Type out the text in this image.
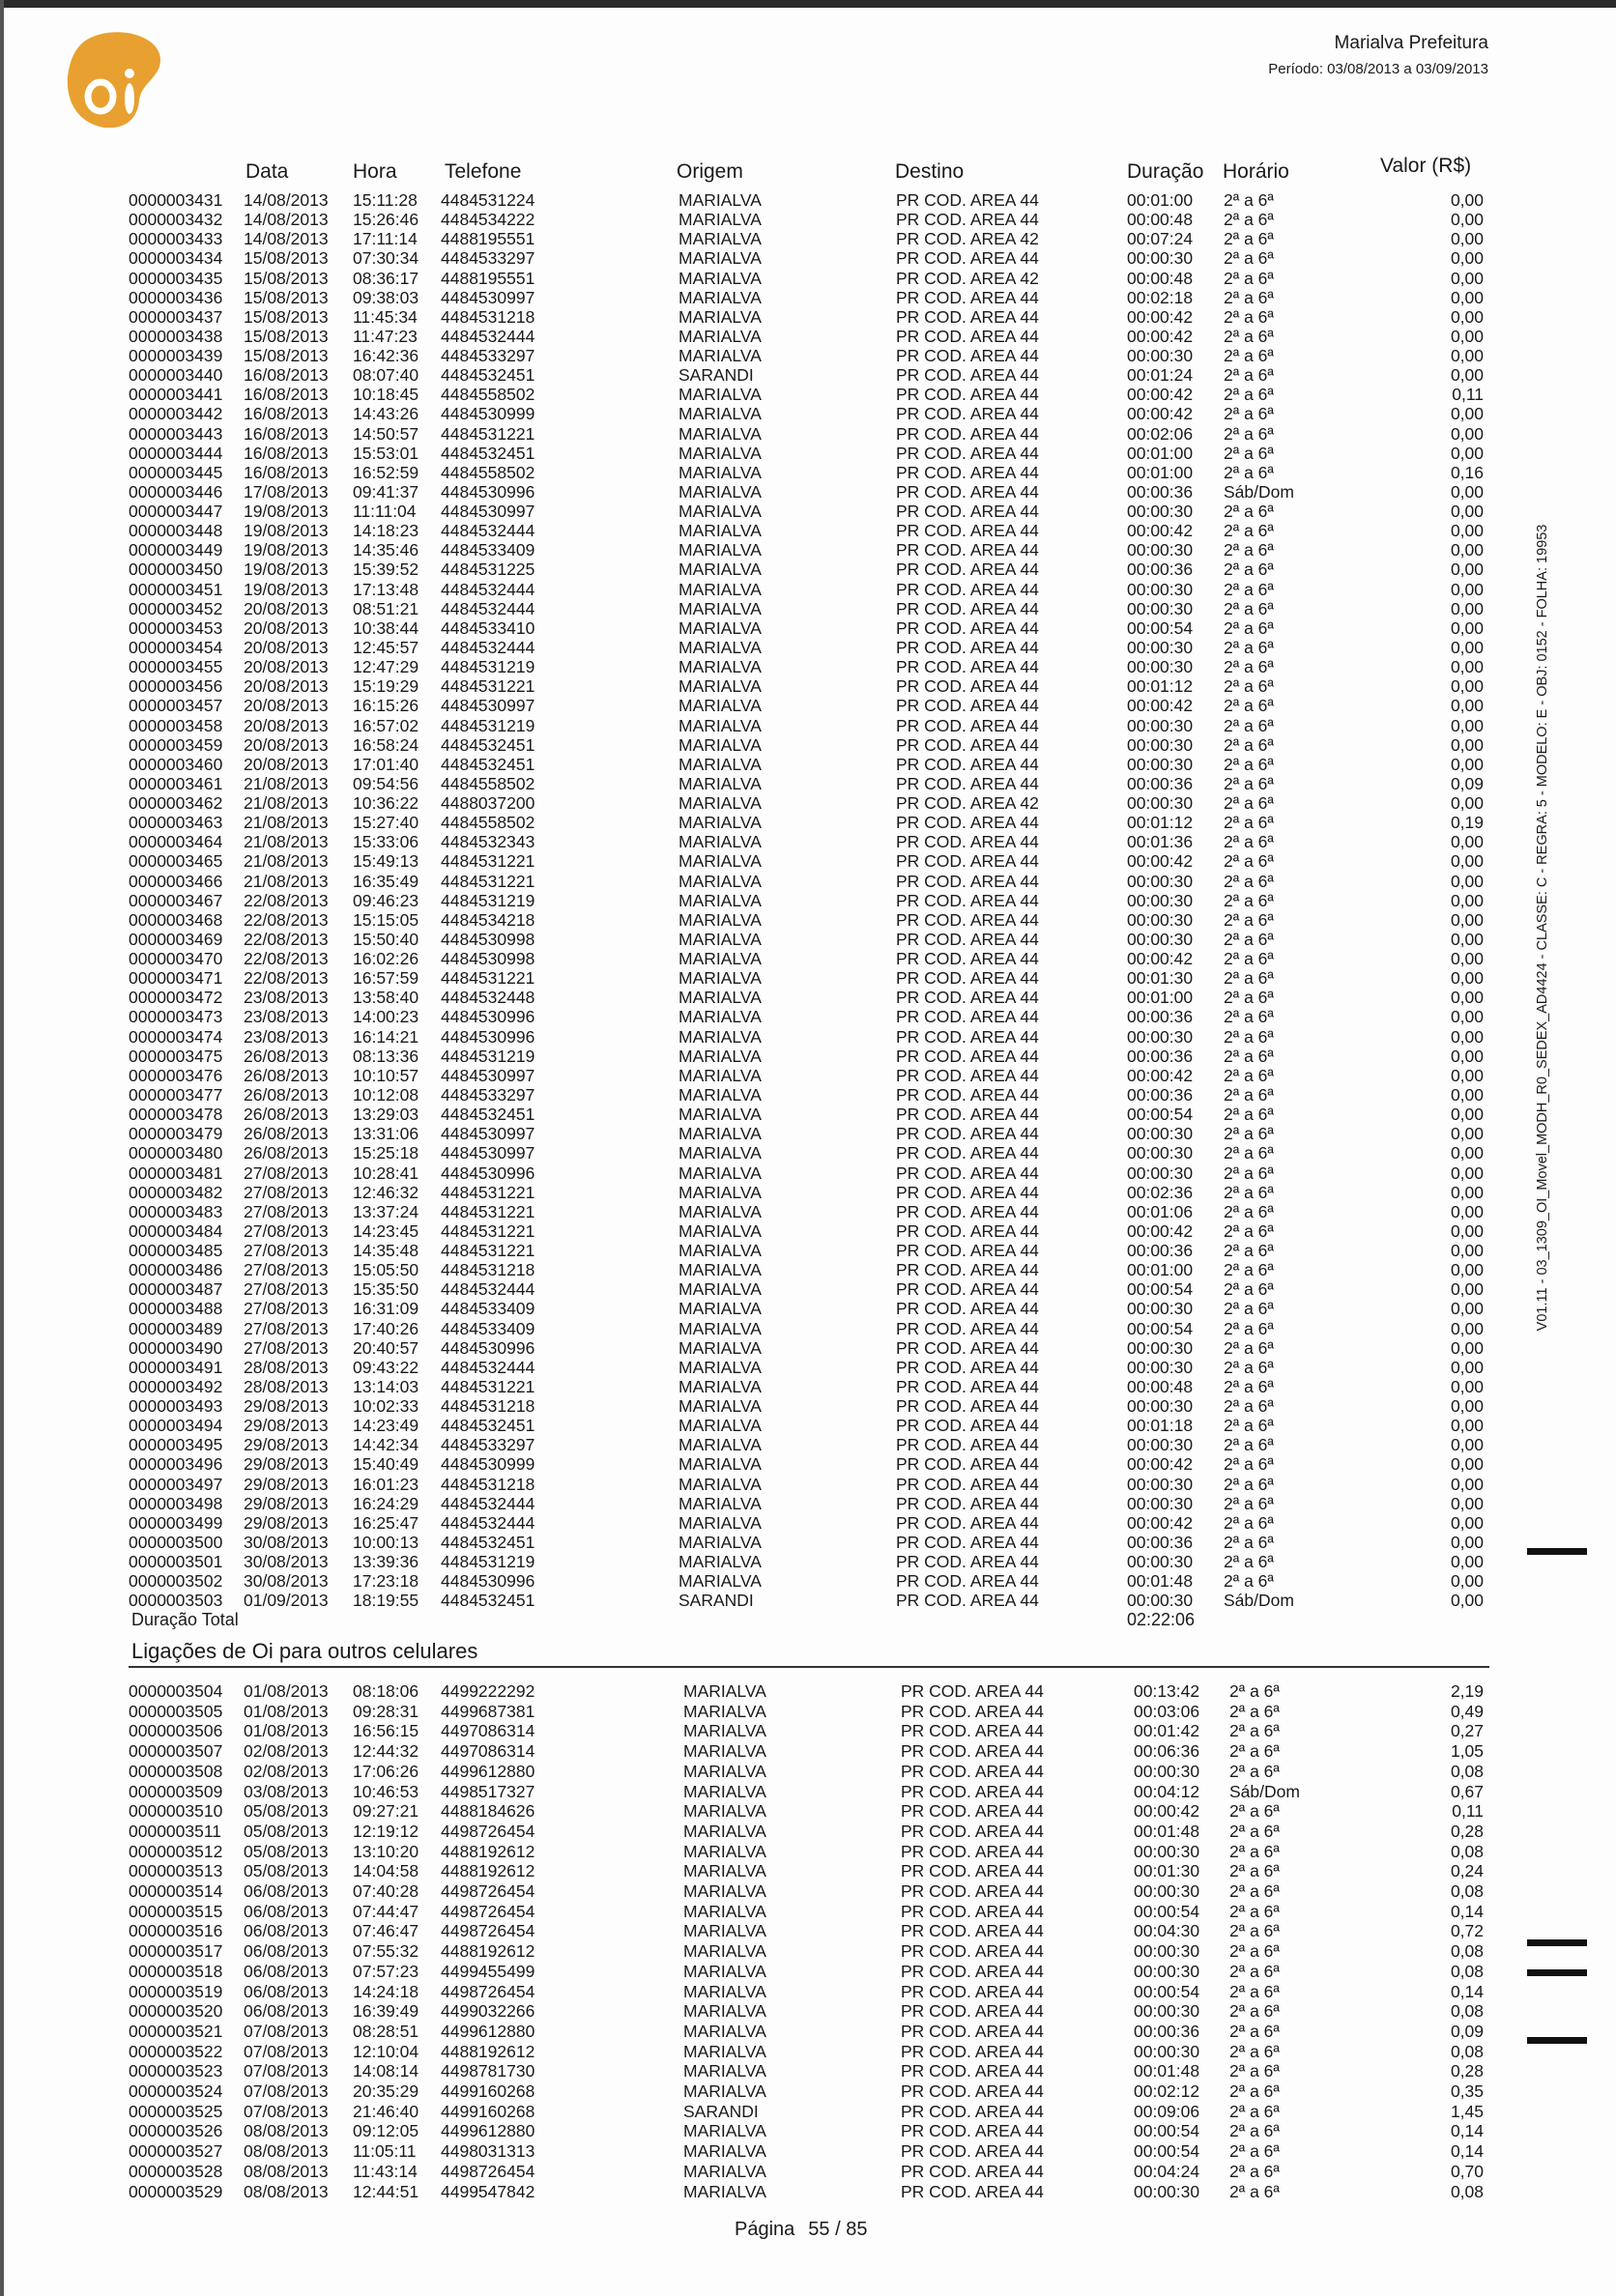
Marialva Prefeitura
Período: 03/08/2013 a 03/09/2013
Data	Hora Telefone	Origem	Destino	Duração Horário	Valor (R$)
0000003431 14/08/2013 15:11:28 4484531224	MARIALVA	PR COD. AREA 44	00:01:00 2ª a 6ª	0,00
0000003432 14/08/2013 15:26:46 4484534222	MARIALVA	PR COD. AREA 44	00:00:48 2ª a 6ª	0,00
0000003433 14/08/2013 17:11:14 4488195551	MARIALVA	PR COD. AREA 42	00:07:24 2ª a 6ª	0,00
0000003434 15/08/2013 07:30:34 4484533297	MARIALVA	PR COD. AREA 44	00:00:30 2ª a 6ª	0,00
0000003435 15/08/2013 08:36:17 4488195551	MARIALVA	PR COD. AREA 42	00:00:48 2ª a 6ª	0,00
0000003436 15/08/2013 09:38:03 4484530997	MARIALVA	PR COD. AREA 44	00:02:18 2ª a 6ª	0,00
0000003437 15/08/2013 11:45:34 4484531218	MARIALVA	PR COD. AREA 44	00:00:42 2ª a 6ª	0,00
0000003438 15/08/2013 11:47:23 4484532444	MARIALVA	PR COD. AREA 44	00:00:42 2ª a 6ª	0,00
0000003439 15/08/2013 16:42:36 4484533297	MARIALVA	PR COD. AREA 44	00:00:30 2ª a 6ª	0,00
0000003440 16/08/2013 08:07:40 4484532451	SARANDI	PR COD. AREA 44	00:01:24 2ª a 6ª	0,00
0000003441 16/08/2013 10:18:45 4484558502	MARIALVA	PR COD. AREA 44	00:00:42 2ª a 6ª	0,11
0000003442 16/08/2013 14:43:26 4484530999	MARIALVA	PR COD. AREA 44	00:00:42 2ª a 6ª	0,00
0000003443 16/08/2013 14:50:57 4484531221	MARIALVA	PR COD. AREA 44	00:02:06 2ª a 6ª	0,00
0000003444 16/08/2013 15:53:01 4484532451	MARIALVA	PR COD. AREA 44	00:01:00 2ª a 6ª	0,00
0000003445 16/08/2013 16:52:59 4484558502	MARIALVA	PR COD. AREA 44	00:01:00 2ª a 6ª	0,16
0000003446 17/08/2013 09:41:37 4484530996	MARIALVA	PR COD. AREA 44	00:00:36 Sáb/Dom	0,00
0000003447 19/08/2013 11:11:04 4484530997	MARIALVA	PR COD. AREA 44	00:00:30 2ª a 6ª	0,00
0000003448 19/08/2013 14:18:23 4484532444	MARIALVA	PR COD. AREA 44	00:00:42 2ª a 6ª	0,00
0000003449 19/08/2013 14:35:46 4484533409	MARIALVA	PR COD. AREA 44	00:00:30 2ª a 6ª	0,00
0000003450 19/08/2013 15:39:52 4484531225	MARIALVA	PR COD. AREA 44	00:00:36 2ª a 6ª	0,00
0000003451 19/08/2013 17:13:48 4484532444	MARIALVA	PR COD. AREA 44	00:00:30 2ª a 6ª	0,00
0000003452 20/08/2013 08:51:21 4484532444	MARIALVA	PR COD. AREA 44	00:00:30 2ª a 6ª	0,00
0000003453 20/08/2013 10:38:44 4484533410	MARIALVA	PR COD. AREA 44	00:00:54 2ª a 6ª	0,00
0000003454 20/08/2013 12:45:57 4484532444	MARIALVA	PR COD. AREA 44	00:00:30 2ª a 6ª	0,00
0000003455 20/08/2013 12:47:29 4484531219	MARIALVA	PR COD. AREA 44	00:00:30 2ª a 6ª	0,00
0000003456 20/08/2013 15:19:29 4484531221	MARIALVA	PR COD. AREA 44	00:01:12 2ª a 6ª	0,00
0000003457 20/08/2013 16:15:26 4484530997	MARIALVA	PR COD. AREA 44	00:00:42 2ª a 6ª	0,00
0000003458 20/08/2013 16:57:02 4484531219	MARIALVA	PR COD. AREA 44	00:00:30 2ª a 6ª	0,00
0000003459 20/08/2013 16:58:24 4484532451	MARIALVA	PR COD. AREA 44	00:00:30 2ª a 6ª	0,00
0000003460 20/08/2013 17:01:40 4484532451	MARIALVA	PR COD. AREA 44	00:00:30 2ª a 6ª	0,00
0000003461 21/08/2013 09:54:56 4484558502	MARIALVA	PR COD. AREA 44	00:00:36 2ª a 6ª	0,09
0000003462 21/08/2013 10:36:22 4488037200	MARIALVA	PR COD. AREA 42	00:00:30 2ª a 6ª	0,00
0000003463 21/08/2013 15:27:40 4484558502	MARIALVA	PR COD. AREA 44	00:01:12 2ª a 6ª	0,19
0000003464 21/08/2013 15:33:06 4484532343	MARIALVA	PR COD. AREA 44	00:01:36 2ª a 6ª	0,00
0000003465 21/08/2013 15:49:13 4484531221	MARIALVA	PR COD. AREA 44	00:00:42 2ª a 6ª	0,00
0000003466 21/08/2013 16:35:49 4484531221	MARIALVA	PR COD. AREA 44	00:00:30 2ª a 6ª	0,00
0000003467 22/08/2013 09:46:23 4484531219	MARIALVA	PR COD. AREA 44	00:00:30 2ª a 6ª	0,00
0000003468 22/08/2013 15:15:05 4484534218	MARIALVA	PR COD. AREA 44	00:00:30 2ª a 6ª	0,00
0000003469 22/08/2013 15:50:40 4484530998	MARIALVA	PR COD. AREA 44	00:00:30 2ª a 6ª	0,00
0000003470 22/08/2013 16:02:26 4484530998	MARIALVA	PR COD. AREA 44	00:00:42 2ª a 6ª	0,00
0000003471 22/08/2013 16:57:59 4484531221	MARIALVA	PR COD. AREA 44	00:01:30 2ª a 6ª	0,00
0000003472 23/08/2013 13:58:40 4484532448	MARIALVA	PR COD. AREA 44	00:01:00 2ª a 6ª	0,00
0000003473 23/08/2013 14:00:23 4484530996	MARIALVA	PR COD. AREA 44	00:00:36 2ª a 6ª	0,00
0000003474 23/08/2013 16:14:21 4484530996	MARIALVA	PR COD. AREA 44	00:00:30 2ª a 6ª	0,00
0000003475 26/08/2013 08:13:36 4484531219	MARIALVA	PR COD. AREA 44	00:00:36 2ª a 6ª	0,00
0000003476 26/08/2013 10:10:57 4484530997	MARIALVA	PR COD. AREA 44	00:00:42 2ª a 6ª	0,00
0000003477 26/08/2013 10:12:08 4484533297	MARIALVA	PR COD. AREA 44	00:00:36 2ª a 6ª	0,00
0000003478 26/08/2013 13:29:03 4484532451	MARIALVA	PR COD. AREA 44	00:00:54 2ª a 6ª	0,00
0000003479 26/08/2013 13:31:06 4484530997	MARIALVA	PR COD. AREA 44	00:00:30 2ª a 6ª	0,00
0000003480 26/08/2013 15:25:18 4484530997	MARIALVA	PR COD. AREA 44	00:00:30 2ª a 6ª	0,00
0000003481 27/08/2013 10:28:41 4484530996	MARIALVA	PR COD. AREA 44	00:00:30 2ª a 6ª	0,00
0000003482 27/08/2013 12:46:32 4484531221	MARIALVA	PR COD. AREA 44	00:02:36 2ª a 6ª	0,00
0000003483 27/08/2013 13:37:24 4484531221	MARIALVA	PR COD. AREA 44	00:01:06 2ª a 6ª	0,00
0000003484 27/08/2013 14:23:45 4484531221	MARIALVA	PR COD. AREA 44	00:00:42 2ª a 6ª	0,00
0000003485 27/08/2013 14:35:48 4484531221	MARIALVA	PR COD. AREA 44	00:00:36 2ª a 6ª	0,00
0000003486 27/08/2013 15:05:50 4484531218	MARIALVA	PR COD. AREA 44	00:01:00 2ª a 6ª	0,00
0000003487 27/08/2013 15:35:50 4484532444	MARIALVA	PR COD. AREA 44	00:00:54 2ª a 6ª	0,00
0000003488 27/08/2013 16:31:09 4484533409	MARIALVA	PR COD. AREA 44	00:00:30 2ª a 6ª	0,00
0000003489 27/08/2013 17:40:26 4484533409	MARIALVA	PR COD. AREA 44	00:00:54 2ª a 6ª	0,00
0000003490 27/08/2013 20:40:57 4484530996	MARIALVA	PR COD. AREA 44	00:00:30 2ª a 6ª	0,00
0000003491 28/08/2013 09:43:22 4484532444	MARIALVA	PR COD. AREA 44	00:00:30 2ª a 6ª	0,00
0000003492 28/08/2013 13:14:03 4484531221	MARIALVA	PR COD. AREA 44	00:00:48 2ª a 6ª	0,00
0000003493 29/08/2013 10:02:33 4484531218	MARIALVA	PR COD. AREA 44	00:00:30 2ª a 6ª	0,00
0000003494 29/08/2013 14:23:49 4484532451	MARIALVA	PR COD. AREA 44	00:01:18 2ª a 6ª	0,00
0000003495 29/08/2013 14:42:34 4484533297	MARIALVA	PR COD. AREA 44	00:00:30 2ª a 6ª	0,00
0000003496 29/08/2013 15:40:49 4484530999	MARIALVA	PR COD. AREA 44	00:00:42 2ª a 6ª	0,00
0000003497 29/08/2013 16:01:23 4484531218	MARIALVA	PR COD. AREA 44	00:00:30 2ª a 6ª	0,00
0000003498 29/08/2013 16:24:29 4484532444	MARIALVA	PR COD. AREA 44	00:00:30 2ª a 6ª	0,00
0000003499 29/08/2013 16:25:47 4484532444	MARIALVA	PR COD. AREA 44	00:00:42 2ª a 6ª	0,00
0000003500 30/08/2013 10:00:13 4484532451	MARIALVA	PR COD. AREA 44	00:00:36 2ª a 6ª	0,00
0000003501 30/08/2013 13:39:36 4484531219	MARIALVA	PR COD. AREA 44	00:00:30 2ª a 6ª	0,00
0000003502 30/08/2013 17:23:18 4484530996	MARIALVA	PR COD. AREA 44	00:01:48 2ª a 6ª	0,00
0000003503 01/09/2013 18:19:55 4484532451	SARANDI	PR COD. AREA 44	00:00:30 Sáb/Dom	0,00
Duração Total	02:22:06
Ligações de Oi para outros celulares
0000003504 01/08/2013 08:18:06 4499222292	MARIALVA	PR COD. AREA 44	00:13:42 2ª a 6ª	2,19
0000003505 01/08/2013 09:28:31 4499687381	MARIALVA	PR COD. AREA 44	00:03:06 2ª a 6ª	0,49
0000003506 01/08/2013 16:56:15 4497086314	MARIALVA	PR COD. AREA 44	00:01:42 2ª a 6ª	0,27
0000003507 02/08/2013 12:44:32 4497086314	MARIALVA	PR COD. AREA 44	00:06:36 2ª a 6ª	1,05
0000003508 02/08/2013 17:06:26 4499612880	MARIALVA	PR COD. AREA 44	00:00:30 2ª a 6ª	0,08
0000003509 03/08/2013 10:46:53 4498517327	MARIALVA	PR COD. AREA 44	00:04:12 Sáb/Dom	0,67
0000003510 05/08/2013 09:27:21 4488184626	MARIALVA	PR COD. AREA 44	00:00:42 2ª a 6ª	0,11
0000003511 05/08/2013 12:19:12 4498726454	MARIALVA	PR COD. AREA 44	00:01:48 2ª a 6ª	0,28
0000003512 05/08/2013 13:10:20 4488192612	MARIALVA	PR COD. AREA 44	00:00:30 2ª a 6ª	0,08
0000003513 05/08/2013 14:04:58 4488192612	MARIALVA	PR COD. AREA 44	00:01:30 2ª a 6ª	0,24
0000003514 06/08/2013 07:40:28 4498726454	MARIALVA	PR COD. AREA 44	00:00:30 2ª a 6ª	0,08
0000003515 06/08/2013 07:44:47 4498726454	MARIALVA	PR COD. AREA 44	00:00:54 2ª a 6ª	0,14
0000003516 06/08/2013 07:46:47 4498726454	MARIALVA	PR COD. AREA 44	00:04:30 2ª a 6ª	0,72
0000003517 06/08/2013 07:55:32 4488192612	MARIALVA	PR COD. AREA 44	00:00:30 2ª a 6ª	0,08
0000003518 06/08/2013 07:57:23 4499455499	MARIALVA	PR COD. AREA 44	00:00:30 2ª a 6ª	0,08
0000003519 06/08/2013 14:24:18 4498726454	MARIALVA	PR COD. AREA 44	00:00:54 2ª a 6ª	0,14
0000003520 06/08/2013 16:39:49 4499032266	MARIALVA	PR COD. AREA 44	00:00:30 2ª a 6ª	0,08
0000003521 07/08/2013 08:28:51 4499612880	MARIALVA	PR COD. AREA 44	00:00:36 2ª a 6ª	0,09
0000003522 07/08/2013 12:10:04 4488192612	MARIALVA	PR COD. AREA 44	00:00:30 2ª a 6ª	0,08
0000003523 07/08/2013 14:08:14 4498781730	MARIALVA	PR COD. AREA 44	00:01:48 2ª a 6ª	0,28
0000003524 07/08/2013 20:35:29 4499160268	MARIALVA	PR COD. AREA 44	00:02:12 2ª a 6ª	0,35
0000003525 07/08/2013 21:46:40 4499160268	SARANDI	PR COD. AREA 44	00:09:06 2ª a 6ª	1,45
0000003526 08/08/2013 09:12:05 4499612880	MARIALVA	PR COD. AREA 44	00:00:54 2ª a 6ª	0,14
0000003527 08/08/2013 11:05:11 4498031313	MARIALVA	PR COD. AREA 44	00:00:54 2ª a 6ª	0,14
0000003528 08/08/2013 11:43:14 4498726454	MARIALVA	PR COD. AREA 44	00:04:24 2ª a 6ª	0,70
0000003529 08/08/2013 12:44:51 4499547842	MARIALVA	PR COD. AREA 44	00:00:30 2ª a 6ª	0,08
Página 55 / 85
V01.11 - 03_1309_OI_Movel_MODH_R0_SEDEX_AD4424 - CLASSE: C - REGRA: 5 - MODELO: E - OBJ: 0152 - FOLHA: 19953
